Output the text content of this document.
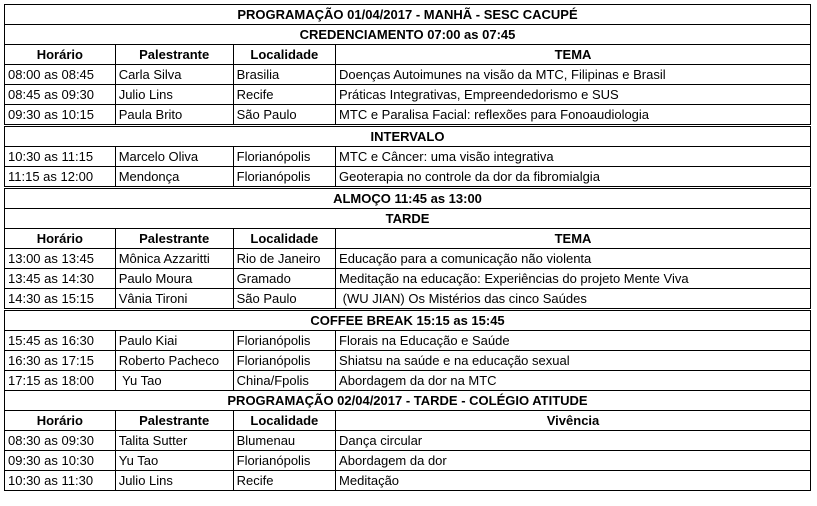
PROGRAMAÇÃO 01/04/2017 - MANHÃ - SESC CACUPÉ			
CREDENCIAMENTO 07:00 as 07:45			
Horário	Palestrante	Localidade	TEMA
08:00 as 08:45	Carla Silva	Brasilia	Doenças Autoimunes na visão da MTC, Filipinas e Brasil
08:45 as 09:30	Julio Lins	Recife	Práticas Integrativas, Empreendedorismo e SUS
09:30 as 10:15	Paula Brito	São Paulo	MTC e Paralisa Facial: reflexões para Fonoaudiologia
INTERVALO			
10:30 as 11:15	Marcelo Oliva	Florianópolis	MTC e Câncer: uma visão integrativa
11:15 as 12:00	Mendonça	Florianópolis	Geoterapia no controle da dor da fibromialgia
ALMOÇO 11:45 as 13:00			
TARDE			
Horário	Palestrante	Localidade	TEMA
13:00 as 13:45	Mônica Azzaritti	Rio de Janeiro	Educação para a comunicação não violenta
13:45 as 14:30	Paulo Moura	Gramado	Meditação na educação: Experiências do projeto Mente Viva
14:30 as 15:15	Vânia Tironi	São Paulo	(WU JIAN) Os Mistérios das cinco Saúdes
COFFEE BREAK 15:15 as 15:45			
15:45 as 16:30	Paulo Kiai	Florianópolis	Florais na Educação e Saúde
16:30 as 17:15	Roberto Pacheco	Florianópolis	Shiatsu na saúde e na educação sexual
17:15 as 18:00	Yu Tao	China/Fpolis	Abordagem da dor na MTC
PROGRAMAÇÃO 02/04/2017 - TARDE - COLÉGIO ATITUDE			
Horário	Palestrante	Localidade	Vivência
08:30 as 09:30	Talita Sutter	Blumenau	Dança circular
09:30 as 10:30	Yu Tao	Florianópolis	Abordagem da dor
10:30 as 11:30	Julio Lins	Recife	Meditação
